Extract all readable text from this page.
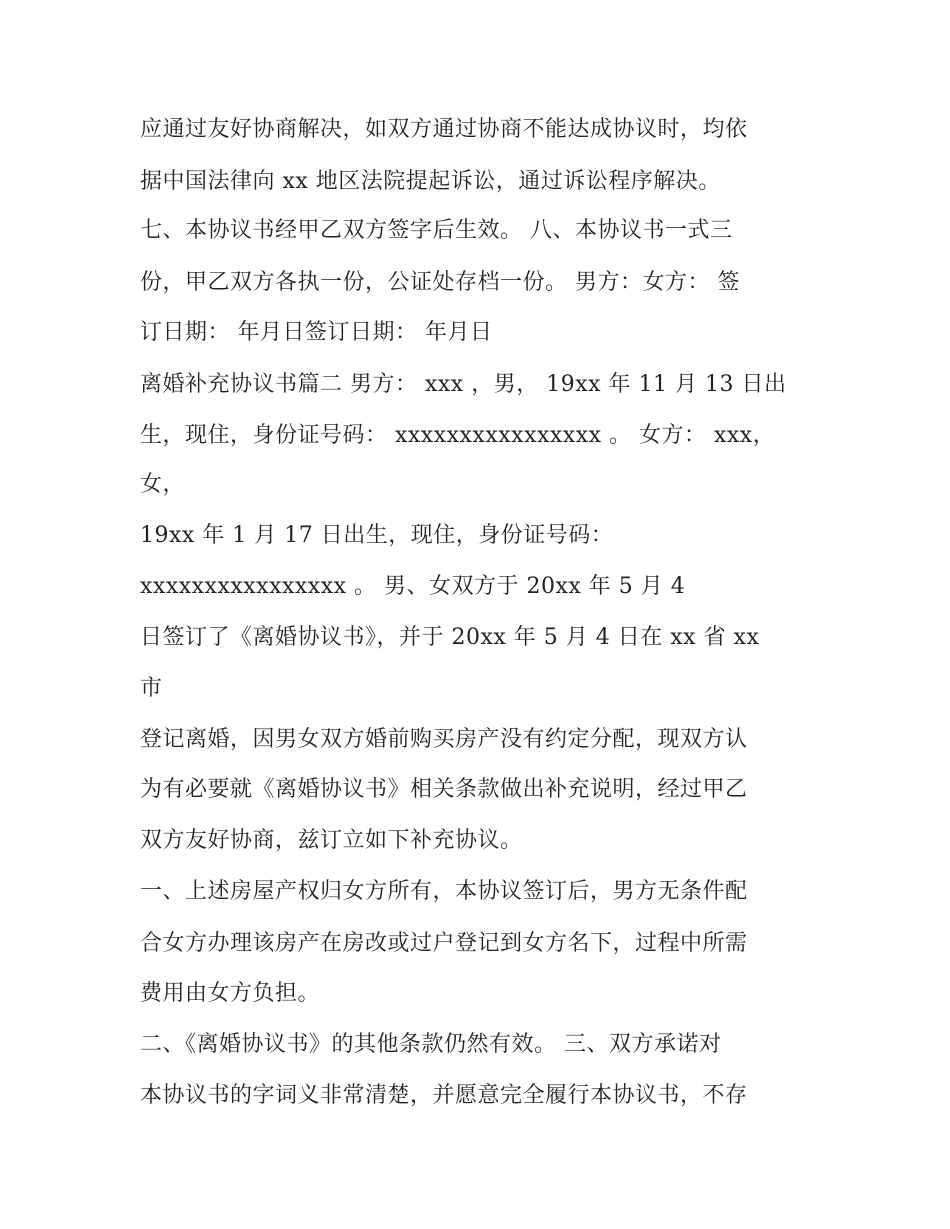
应通过友好协商解决，如双方通过协商不能达成协议时，均依
据中国法律向 xx 地区法院提起诉讼，通过诉讼程序解决。
七、本协议书经甲乙双方签字后生效。 八、本协议书一式三
份，甲乙双方各执一份，公证处存档一份。 男方：女方： 签
订日期： 年月日签订日期： 年月日
离婚补充协议书篇二 男方： xxx ，男， 19xx 年 11 月 13 日出
生，现住，身份证号码： xxxxxxxxxxxxxxxx 。 女方： xxx，
女，
19xx 年 1 月 17 日出生，现住，身份证号码：
xxxxxxxxxxxxxxxx 。 男、女双方于 20xx 年 5 月 4
日签订了《离婚协议书》，并于 20xx 年 5 月 4 日在 xx 省 xx
市
登记离婚，因男女双方婚前购买房产没有约定分配，现双方认
为有必要就《离婚协议书》相关条款做出补充说明，经过甲乙
双方友好协商，兹订立如下补充协议。
一、上述房屋产权归女方所有，本协议签订后，男方无条件配
合女方办理该房产在房改或过户登记到女方名下，过程中所需
费用由女方负担。
二、《离婚协议书》的其他条款仍然有效。 三、双方承诺对
本协议书的字词义非常清楚，并愿意完全履行本协议书，不存
